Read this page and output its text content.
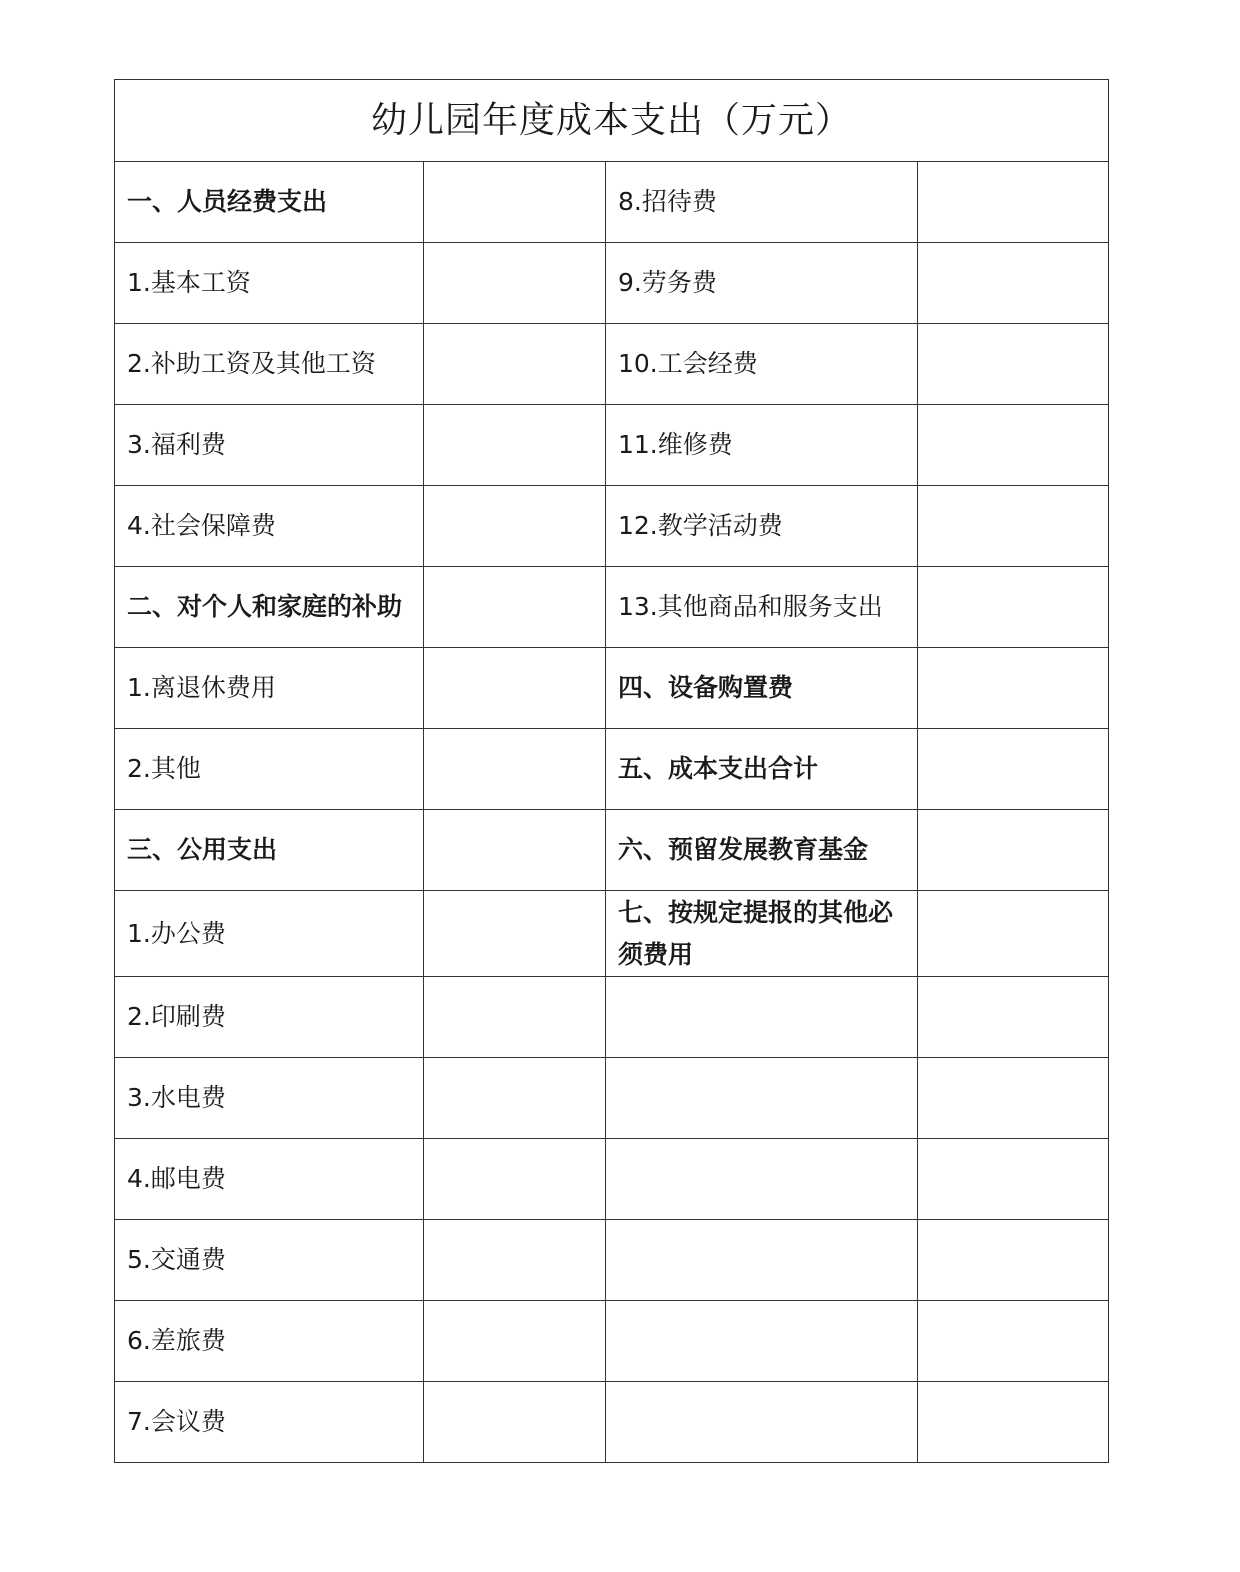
幼儿园年度成本支出（万元）			
一、人员经费支出		8.招待费	
1.基本工资		9.劳务费	
2.补助工资及其他工资		10.工会经费	
3.福利费		11.维修费	
4.社会保障费		12.教学活动费	
二、对个人和家庭的补助		13.其他商品和服务支出	
1.离退休费用		四、设备购置费	
2.其他		五、成本支出合计	
三、公用支出		六、预留发展教育基金	
1.办公费		七、按规定提报的其他必须费用	
2.印刷费			
3.水电费			
4.邮电费			
5.交通费			
6.差旅费			
7.会议费			
